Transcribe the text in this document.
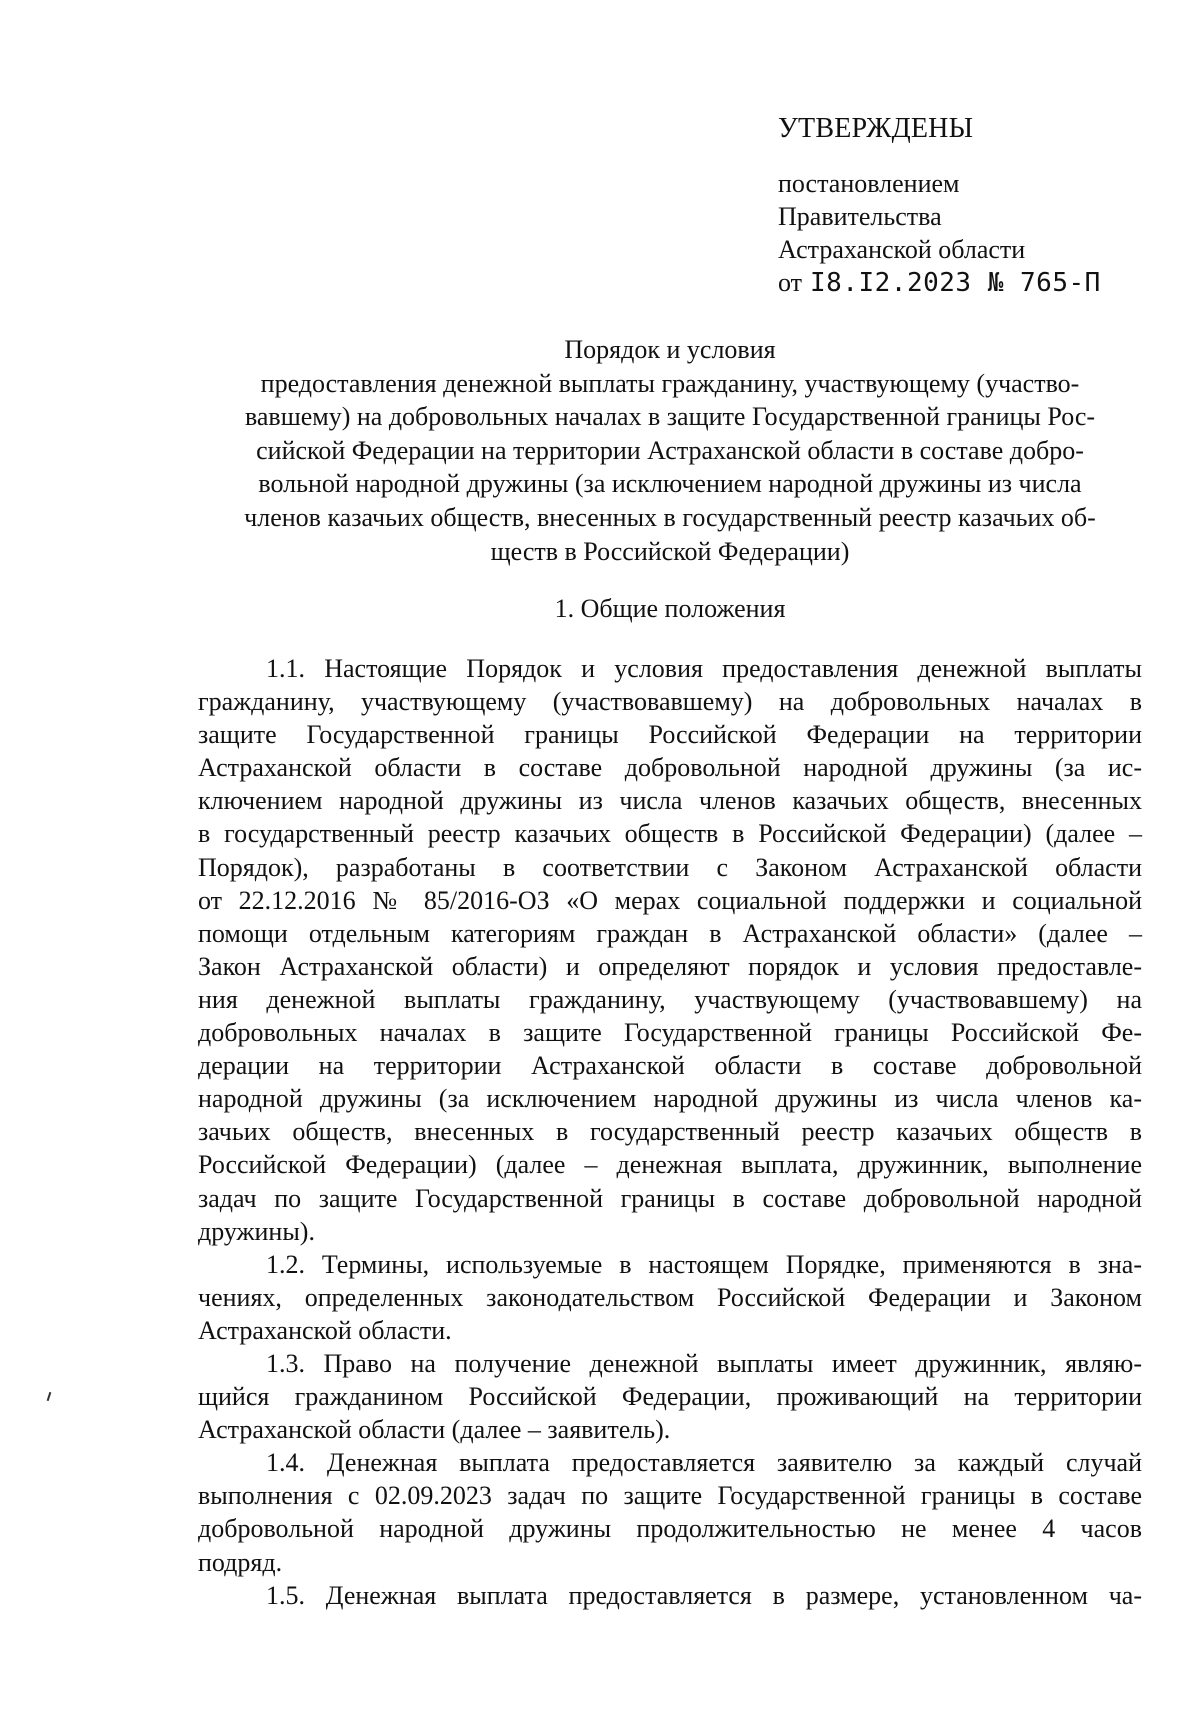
УТВЕРЖДЕНЫ
постановлением
Правительства
Астраханской области
от I8.I2.2023 № 765-П
Порядок и условия
предоставления денежной выплаты гражданину, участвующему (участво-
вавшему) на добровольных началах в защите Государственной границы Рос-
сийской Федерации на территории Астраханской области в составе добро-
вольной народной дружины (за исключением народной дружины из числа
членов казачьих обществ, внесенных в государственный реестр казачьих об-
ществ в Российской Федерации)
1. Общие положения
1.1. Настоящие Порядок и условия предоставления денежной выплаты
гражданину, участвующему (участвовавшему) на добровольных началах в
защите Государственной границы Российской Федерации на территории
Астраханской области в составе добровольной народной дружины (за ис-
ключением народной дружины из числа членов казачьих обществ, внесенных
в государственный реестр казачьих обществ в Российской Федерации) (далее –
Порядок), разработаны в соответствии с Законом Астраханской области
от 22.12.2016 № 85/2016-ОЗ «О мерах социальной поддержки и социальной
помощи отдельным категориям граждан в Астраханской области» (далее –
Закон Астраханской области) и определяют порядок и условия предоставле-
ния денежной выплаты гражданину, участвующему (участвовавшему) на
добровольных началах в защите Государственной границы Российской Фе-
дерации на территории Астраханской области в составе добровольной
народной дружины (за исключением народной дружины из числа членов ка-
зачьих обществ, внесенных в государственный реестр казачьих обществ в
Российской Федерации) (далее – денежная выплата, дружинник, выполнение
задач по защите Государственной границы в составе добровольной народной
дружины).
1.2. Термины, используемые в настоящем Порядке, применяются в зна-
чениях, определенных законодательством Российской Федерации и Законом
Астраханской области.
1.3. Право на получение денежной выплаты имеет дружинник, являю-
щийся гражданином Российской Федерации, проживающий на территории
Астраханской области (далее – заявитель).
1.4. Денежная выплата предоставляется заявителю за каждый случай
выполнения с 02.09.2023 задач по защите Государственной границы в составе
добровольной народной дружины продолжительностью не менее 4 часов
подряд.
1.5. Денежная выплата предоставляется в размере, установленном ча-
